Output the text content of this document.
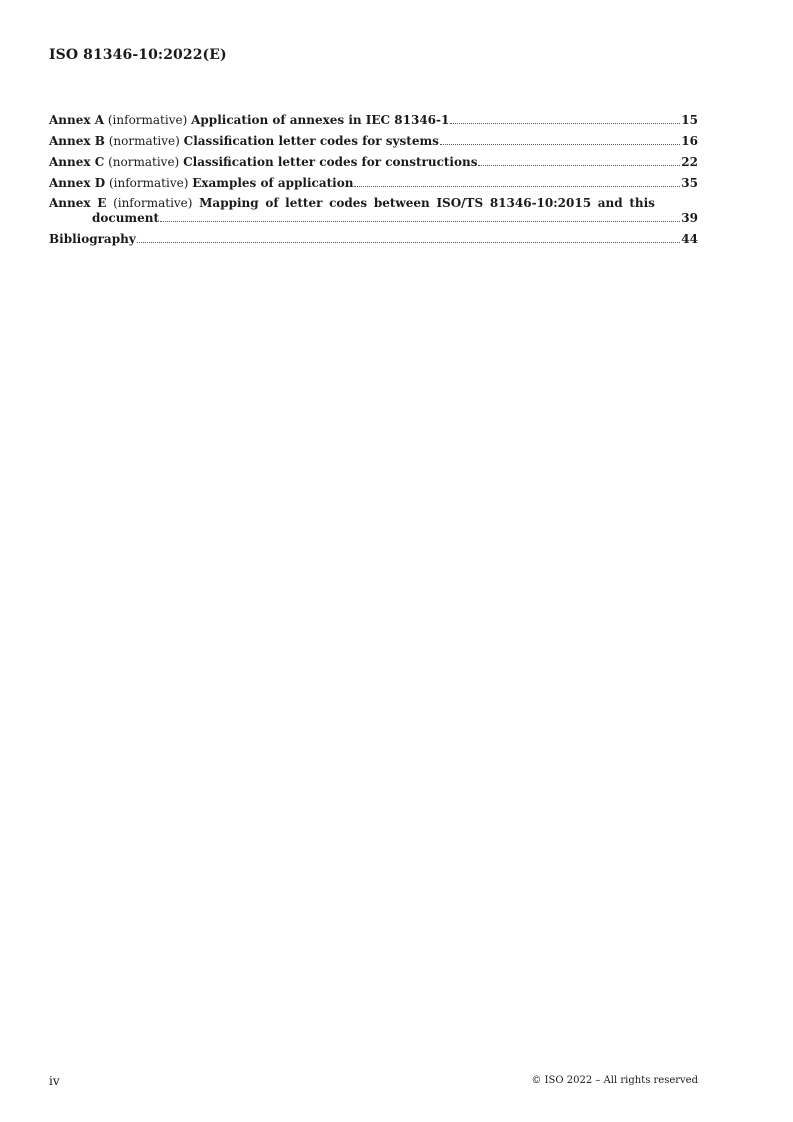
ISO 81346-10:2022(E)
Annex A (informative) Application of annexes in IEC 81346-1	15
Annex B (normative) Classification letter codes for systems	16
Annex C (normative) Classification letter codes for constructions	22
Annex D (informative) Examples of application	35
Annex E (informative) Mapping of letter codes between ISO/TS 81346-10:2015 and this
document	39
Bibliography	44
iv	© ISO 2022 – All rights reserved
